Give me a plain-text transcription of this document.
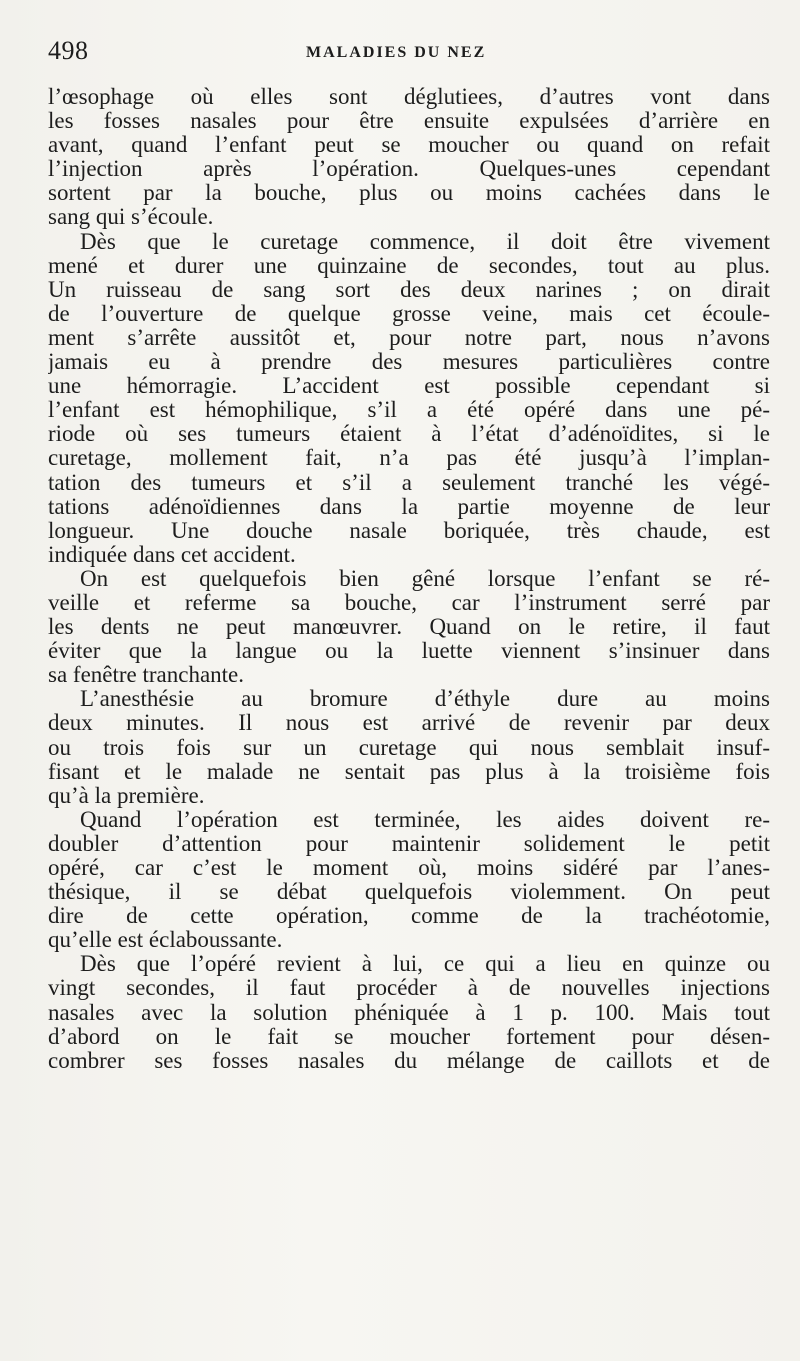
498	MALADIES DU NEZ
l’œsophage où elles sont déglutiees, d’autres vont dans
les fosses nasales pour être ensuite expulsées d’arrière en
avant, quand l’enfant peut se moucher ou quand on refait
l’injection après l’opération. Quelques-unes cependant
sortent par la bouche, plus ou moins cachées dans le
sang qui s’écoule.
Dès que le curetage commence, il doit être vivement
mené et durer une quinzaine de secondes, tout au plus.
Un ruisseau de sang sort des deux narines ; on dirait
de l’ouverture de quelque grosse veine, mais cet écoule-
ment s’arrête aussitôt et, pour notre part, nous n’avons
jamais eu à prendre des mesures particulières contre
une hémorragie. L’accident est possible cependant si
l’enfant est hémophilique, s’il a été opéré dans une pé-
riode où ses tumeurs étaient à l’état d’adénoïdites, si le
curetage, mollement fait, n’a pas été jusqu’à l’implan-
tation des tumeurs et s’il a seulement tranché les végé-
tations adénoïdiennes dans la partie moyenne de leur
longueur. Une douche nasale boriquée, très chaude, est
indiquée dans cet accident.
On est quelquefois bien gêné lorsque l’enfant se ré-
veille et referme sa bouche, car l’instrument serré par
les dents ne peut manœuvrer. Quand on le retire, il faut
éviter que la langue ou la luette viennent s’insinuer dans
sa fenêtre tranchante.
L’anesthésie au bromure d’éthyle dure au moins
deux minutes. Il nous est arrivé de revenir par deux
ou trois fois sur un curetage qui nous semblait insuf-
fisant et le malade ne sentait pas plus à la troisième fois
qu’à la première.
Quand l’opération est terminée, les aides doivent re-
doubler d’attention pour maintenir solidement le petit
opéré, car c’est le moment où, moins sidéré par l’anes-
thésique, il se débat quelquefois violemment. On peut
dire de cette opération, comme de la trachéotomie,
qu’elle est éclaboussante.
Dès que l’opéré revient à lui, ce qui a lieu en quinze ou
vingt secondes, il faut procéder à de nouvelles injections
nasales avec la solution phéniquée à 1 p. 100. Mais tout
d’abord on le fait se moucher fortement pour désen-
combrer ses fosses nasales du mélange de caillots et de
